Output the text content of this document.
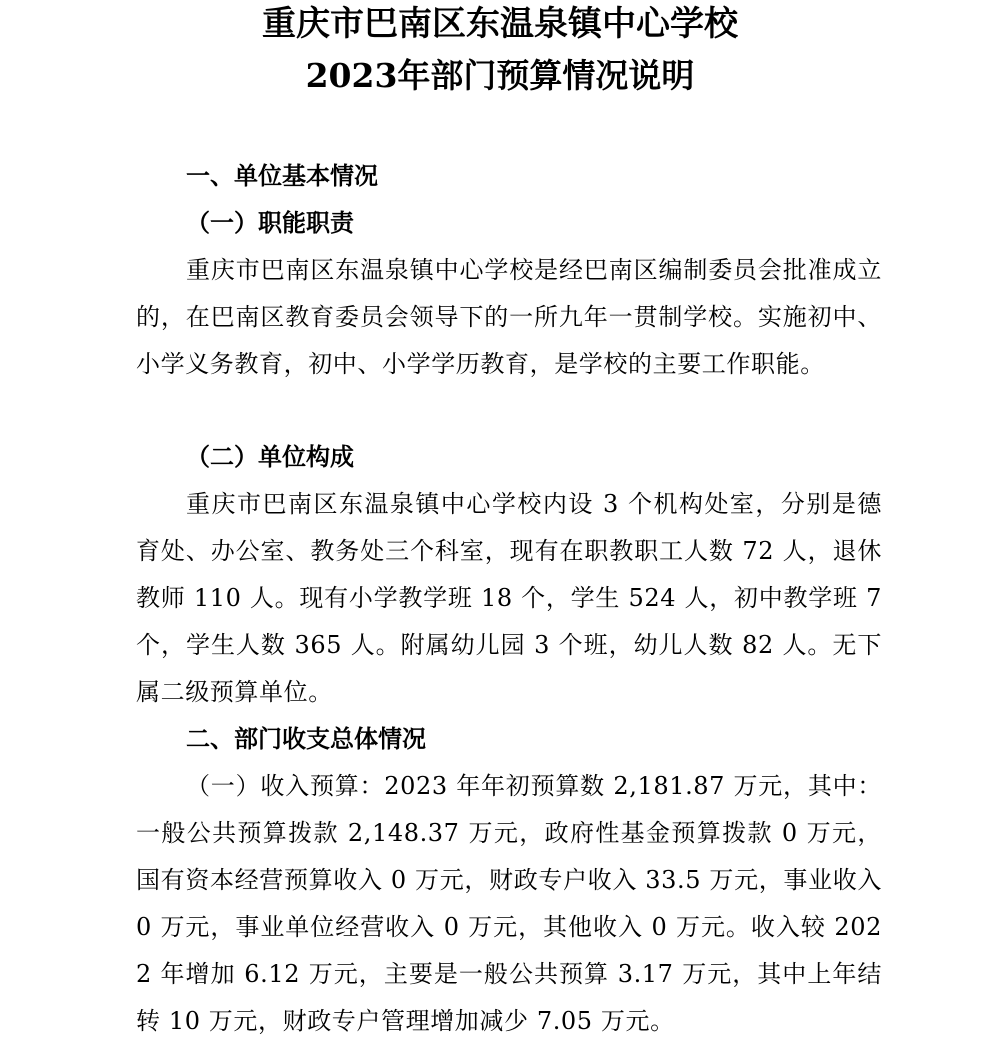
重庆市巴南区东温泉镇中心学校
2023年部门预算情况说明
一、单位基本情况
（一）职能职责

重庆市巴南区东温泉镇中心学校是经巴南区编制委员会批准成立的，在巴南区教育委员会领导下的一所九年一贯制学校。实施初中、小学义务教育，初中、小学学历教育，是学校的主要工作职能。

（二）单位构成

重庆市巴南区东温泉镇中心学校内设 3 个机构处室，分别是德育处、办公室、教务处三个科室，现有在职教职工人数 72 人，退休教师 110 人。现有小学教学班 18 个，学生 524 人，初中教学班 7 个，学生人数 365 人。附属幼儿园 3 个班，幼儿人数 82 人。无下属二级预算单位。

二、部门收支总体情况

（一）收入预算：2023 年年初预算数 2,181.87 万元，其中：一般公共预算拨款 2,148.37 万元，政府性基金预算拨款 0 万元，国有资本经营预算收入 0 万元，财政专户收入 33.5 万元，事业收入 0 万元，事业单位经营收入 0 万元，其他收入 0 万元。收入较 2022 年增加 6.12 万元，主要是一般公共预算 3.17 万元，其中上年结转 10 万元，财政专户管理增加减少 7.05 万元。
